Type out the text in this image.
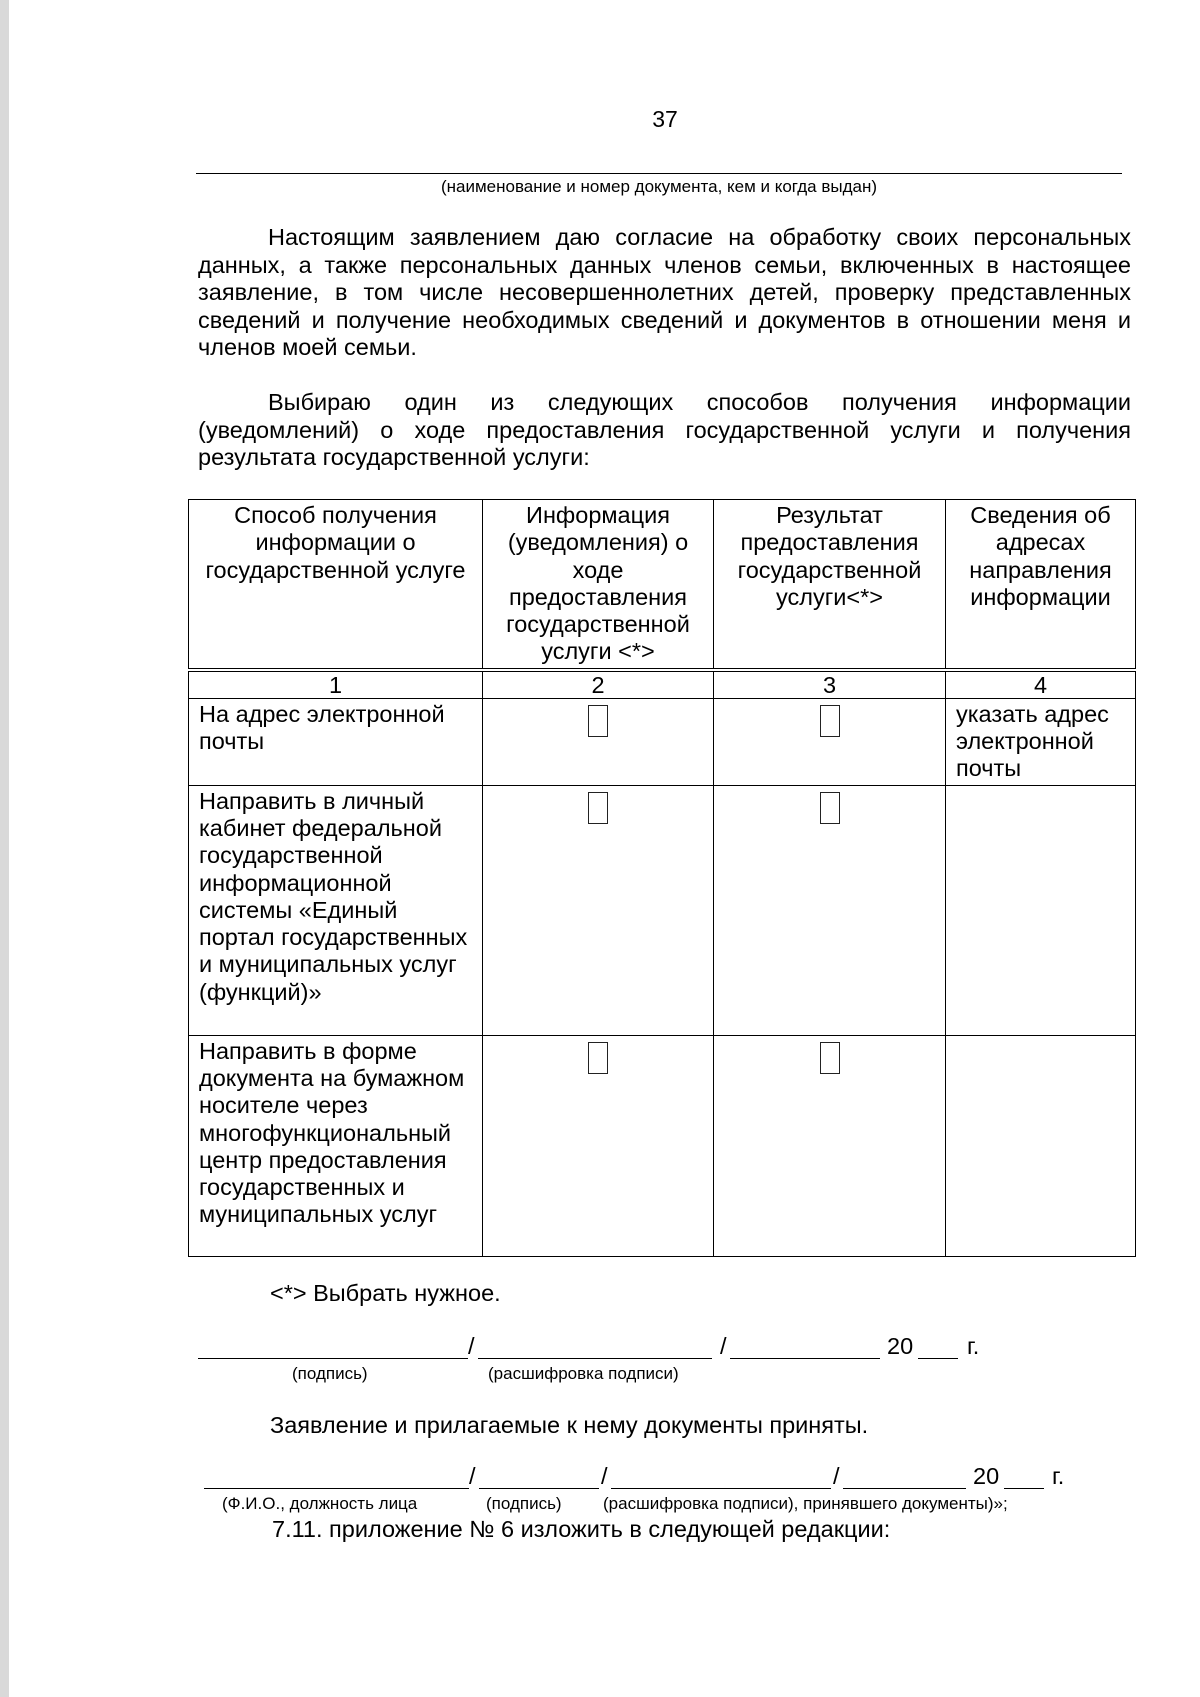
37
(наименование и номер документа, кем и когда выдан)
Настоящим заявлением даю согласие на обработку своих персональных данных, а также персональных данных членов семьи, включенных в настоящее заявление, в том числе несовершеннолетних детей, проверку представленных сведений и получение необходимых сведений и документов в отношении меня и членов моей семьи.
Выбираю один из следующих способов получения информации (уведомлений) о ходе предоставления государственной услуги и получения результата государственной услуги:
Способ получения информации о государственной услуге	Информация (уведомления) о ходе предоставления государственной услуги <*>	Результат предоставления государственной услуги<*>	Сведения об адресах направления информации
1	2	3	4
На адрес электронной почты			указать адрес электронной почты
Направить в личный кабинет федеральной государственной информационной системы «Единый портал государственных и муниципальных услуг (функций)»			
Направить в форме документа на бумажном носителе через многофункциональный центр предоставления государственных и муниципальных услуг			
<*> Выбрать нужное.
/	/	20 г.
(подпись)	(расшифровка подписи)
Заявление и прилагаемые к нему документы приняты.
/	/	/	20 г.
(Ф.И.О., должность лица	(подпись) (расшифровка подписи), принявшего документы)»;
7.11. приложение № 6 изложить в следующей редакции:
